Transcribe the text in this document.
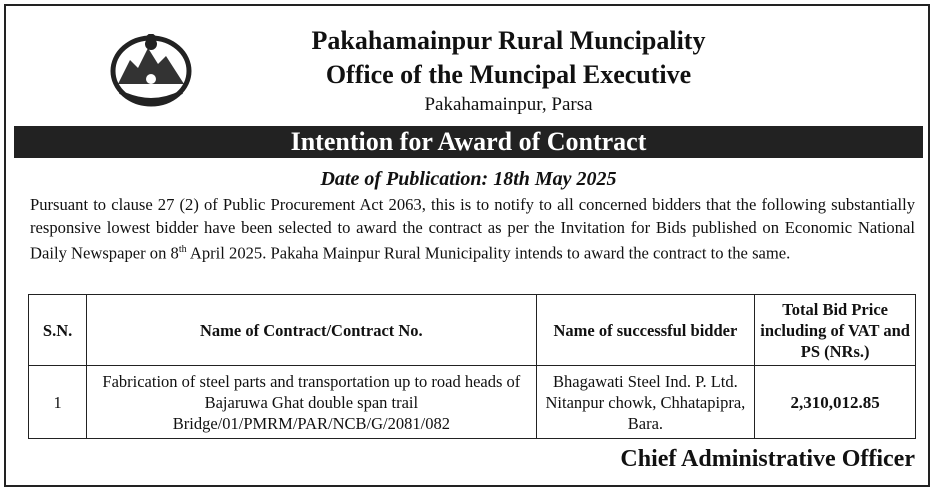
Pakahamainpur Rural Muncipality
Office of the Muncipal Executive
Pakahamainpur, Parsa
Intention for Award of Contract
Date of Publication: 18th May 2025
Pursuant to clause 27 (2) of Public Procurement Act 2063, this is to notify to all concerned bidders that the following substantially responsive lowest bidder have been selected to award the contract as per the Invitation for Bids published on Economic National Daily Newspaper on 8th April 2025. Pakaha Mainpur Rural Municipality intends to award the contract to the same.
S.N.	Name of Contract/Contract No.	Name of successful bidder	Total Bid Price including of VAT and PS (NRs.)
1	Fabrication of steel parts and transportation up to road heads of Bajaruwa Ghat double span trail Bridge/01/PMRM/PAR/NCB/G/2081/082	Bhagawati Steel Ind. P. Ltd. Nitanpur chowk, Chhatapipra, Bara.	2,310,012.85
Chief Administrative Officer
